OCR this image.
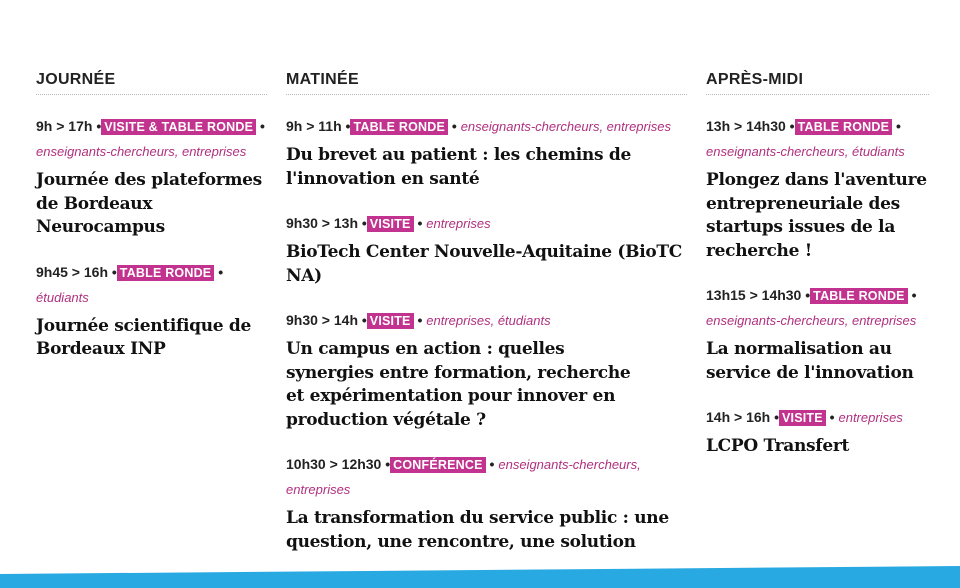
JOURNÉE
9h > 17h • VISITE & TABLE RONDE • enseignants-chercheurs, entreprises
Journée des plateformes de Bordeaux Neurocampus
9h45 > 16h • TABLE RONDE • étudiants
Journée scientifique de Bordeaux INP
MATINÉE
9h > 11h • TABLE RONDE • enseignants-chercheurs, entreprises
Du brevet au patient : les chemins de l'innovation en santé
9h30 > 13h • VISITE • entreprises
BioTech Center Nouvelle-Aquitaine (BioTC NA)
9h30 > 14h • VISITE • entreprises, étudiants
Un campus en action : quelles synergies entre formation, recherche et expérimentation pour innover en production végétale ?
10h30 > 12h30 • CONFÉRENCE • enseignants-chercheurs, entreprises
La transformation du service public : une question, une rencontre, une solution
APRÈS-MIDI
13h > 14h30 • TABLE RONDE • enseignants-chercheurs, étudiants
Plongez dans l'aventure entrepreneuriale des startups issues de la recherche !
13h15 > 14h30 • TABLE RONDE • enseignants-chercheurs, entreprises
La normalisation au service de l'innovation
14h > 16h • VISITE • entreprises
LCPO Transfert
